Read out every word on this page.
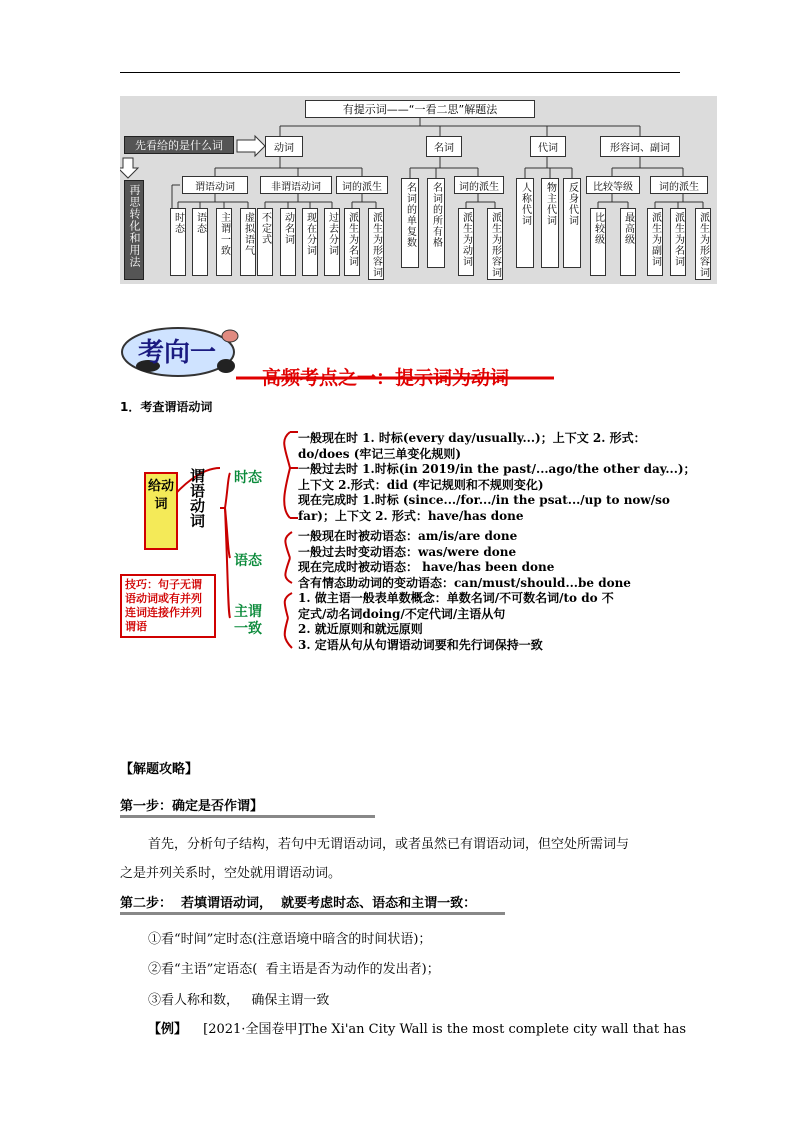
有提示词——“一看二思”解题法
先看给的是什么词
再思转化和用法
动词	名词	代词	形容词、副词
谓语动词	非谓语动词	词的派生	名词的单复数	名词的所有格	词的派生	人称代词	物主代词	反身代词	比较等级	词的派生
时态 语态 主谓一致 虚拟语气 不定式 动名词 现在分词 过去分词 派生为名词 派生为形容词	派生为动词 派生为形容词	比较级 最高级 派生为副词 派生为名词 派生为形容词
考向一
高频考点之一：提示词为动词
1．考查谓语动词
给动词	谓语动词
技巧：句子无谓语动词或有并列连词连接作并列谓语
时态
语态
主谓一致
一般现在时 1. 时标(every day/usually...)；上下文 2. 形式：
do/does (牢记三单变化规则)
一般过去时 1.时标(in 2019/in the past/...ago/the other day...)；
上下文 2.形式：did (牢记规则和不规则变化)
现在完成时 1.时标 (since.../for.../in the psat.../up to now/so
far)；上下文 2. 形式：have/has done
一般现在时被动语态：am/is/are done
一般过去时变动语态：was/were done
现在完成时被动语态： have/has been done
含有情态助动词的变动语态：can/must/should...be done
1. 做主语一般表单数概念：单数名词/不可数名词/to do 不
定式/动名词doing/不定代词/主语从句
2. 就近原则和就远原则
3. 定语从句从句谓语动词要和先行词保持一致
【解题攻略】
第一步：确定是否作谓】
首先，分析句子结构，若句中无谓语动词，或者虽然已有谓语动词，但空处所需词与
之是并列关系时，空处就用谓语动词。
第二步：  若填谓语动词，  就要考虑时态、语态和主谓一致：
①看“时间”定时态(注意语境中暗含的时间状语)；
②看“主语”定语态(  看主语是否为动作的发出者)；
③看人称和数，   确保主谓一致
【例】 [2021·全国卷甲]The Xi'an City Wall is the most complete city wall that has
